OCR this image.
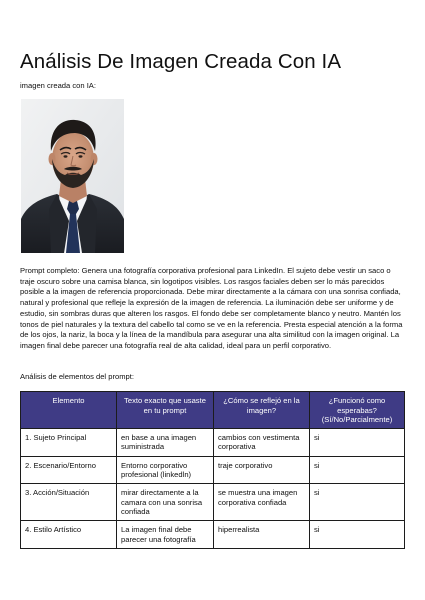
Análisis De Imagen Creada Con IA
imagen creada con IA:

Prompt completo: Genera una fotografía corporativa profesional para LinkedIn. El sujeto debe vestir un saco o traje oscuro sobre una camisa blanca, sin logotipos visibles. Los rasgos faciales deben ser lo más parecidos posible a la imagen de referencia proporcionada. Debe mirar directamente a la cámara con una sonrisa confiada, natural y profesional que refleje la expresión de la imagen de referencia. La iluminación debe ser uniforme y de estudio, sin sombras duras que alteren los rasgos. El fondo debe ser completamente blanco y neutro. Mantén los tonos de piel naturales y la textura del cabello tal como se ve en la referencia. Presta especial atención a la forma de los ojos, la nariz, la boca y la línea de la mandíbula para asegurar una alta similitud con la imagen original. La imagen final debe parecer una fotografía real de alta calidad, ideal para un perfil corporativo.

Análisis de elementos del prompt:
Elemento	Texto exacto que usaste en tu prompt	¿Cómo se reflejó en la imagen?	¿Funcionó como esperabas? (Sí/No/Parcialmente)
1. Sujeto Principal	en base a una imagen suministrada	cambios con vestimenta corporativa	si
2. Escenario/Entorno	Entorno corporativo profesional (linkedln)	traje corporativo	si
3. Acción/Situación	mirar directamente a la camara con una sonrisa confiada	se muestra una imagen corporativa confiada	si
4. Estilo Artístico	La imagen final debe parecer una fotografía	hiperrealista	si
